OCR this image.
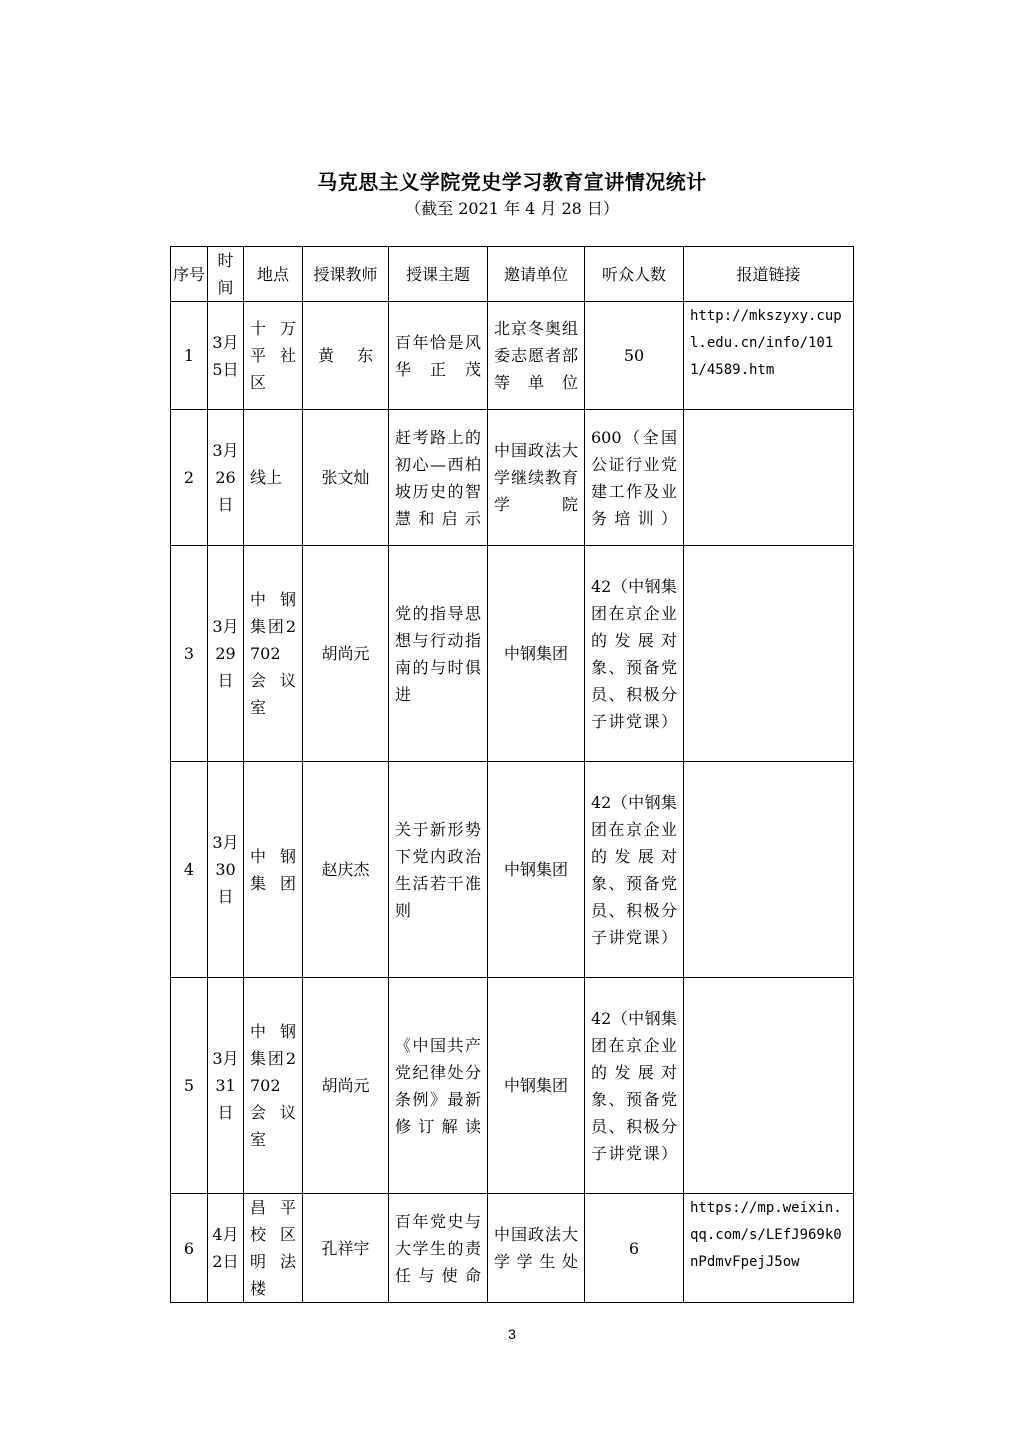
马克思主义学院党史学习教育宣讲情况统计
（截至 2021 年 4 月 28 日）
序号	时间	地点	授课教师	授课主题	邀请单位	听众人数	报道链接
1	3月5日	十万平社区	黄 东	百年恰是风华正茂	北京冬奥组委志愿者部等单位	50	http://mkszyxy.cupl.edu.cn/info/1011/4589.htm
2	3月26日	线上	张文灿	赶考路上的初心—西柏坡历史的智慧和启示	中国政法大学继续教育学院	600（全国公证行业党建工作及业务培训）	
3	3月29日	中钢集团2702会议室	胡尚元	党的指导思想与行动指南的与时俱进	中钢集团	42（中钢集团在京企业的发展对象、预备党员、积极分子讲党课）	
4	3月30日	中钢集团	赵庆杰	关于新形势下党内政治生活若干准则	中钢集团	42（中钢集团在京企业的发展对象、预备党员、积极分子讲党课）	
5	3月31日	中钢集团2702会议室	胡尚元	《中国共产党纪律处分条例》最新修订解读	中钢集团	42（中钢集团在京企业的发展对象、预备党员、积极分子讲党课）	
6	4月2日	昌平校区明法楼	孔祥宇	百年党史与大学生的责任与使命	中国政法大学学生处	6	https://mp.weixin.qq.com/s/LEfJ969k0nPdmvFpejJ5ow
3
